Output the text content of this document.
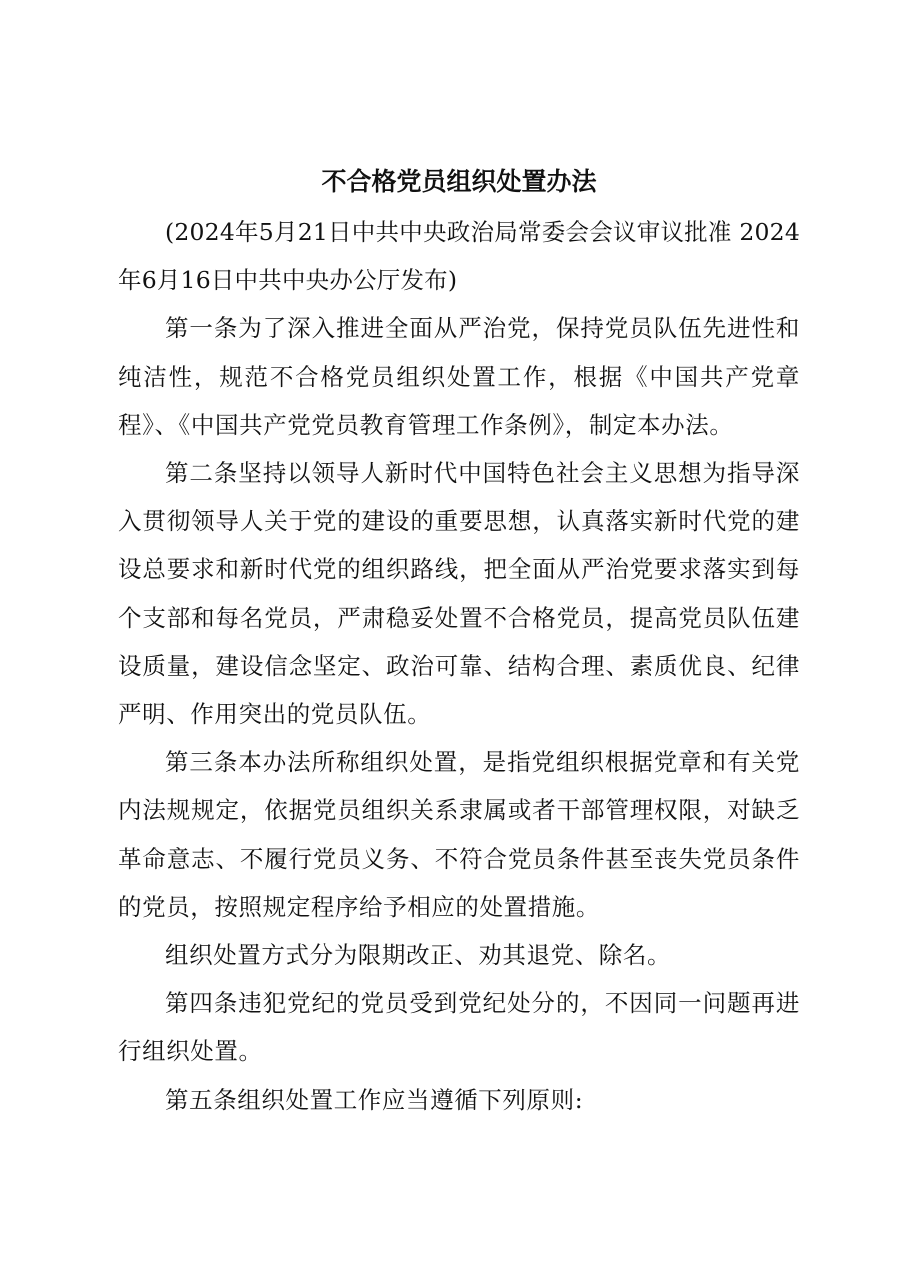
不合格党员组织处置办法

(2024年5月21日中共中央政治局常委会会议审议批准 2024年6月16日中共中央办公厅发布)

第一条为了深入推进全面从严治党，保持党员队伍先进性和纯洁性，规范不合格党员组织处置工作，根据《中国共产党章程》、《中国共产党党员教育管理工作条例》，制定本办法。

第二条坚持以领导人新时代中国特色社会主义思想为指导深入贯彻领导人关于党的建设的重要思想，认真落实新时代党的建设总要求和新时代党的组织路线，把全面从严治党要求落实到每个支部和每名党员，严肃稳妥处置不合格党员，提高党员队伍建设质量，建设信念坚定、政治可靠、结构合理、素质优良、纪律严明、作用突出的党员队伍。

第三条本办法所称组织处置，是指党组织根据党章和有关党内法规规定，依据党员组织关系隶属或者干部管理权限，对缺乏革命意志、不履行党员义务、不符合党员条件甚至丧失党员条件的党员，按照规定程序给予相应的处置措施。

组织处置方式分为限期改正、劝其退党、除名。

第四条违犯党纪的党员受到党纪处分的，不因同一问题再进行组织处置。

第五条组织处置工作应当遵循下列原则:
